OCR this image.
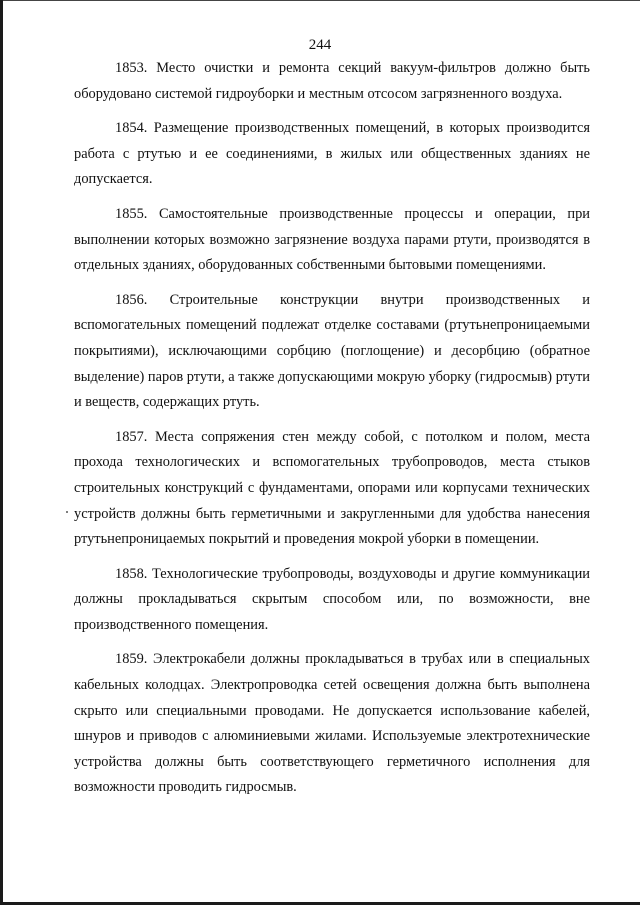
244

1853. Место очистки и ремонта секций вакуум-фильтров должно быть оборудовано системой гидроуборки и местным отсосом загрязненного воздуха.

1854. Размещение производственных помещений, в которых производится работа с ртутью и ее соединениями, в жилых или общественных зданиях не допускается.

1855. Самостоятельные производственные процессы и операции, при выполнении которых возможно загрязнение воздуха парами ртути, производятся в отдельных зданиях, оборудованных собственными бытовыми помещениями.

1856. Строительные конструкции внутри производственных и вспомогательных помещений подлежат отделке составами (ртутьнепроницаемыми покрытиями), исключающими сорбцию (поглощение) и десорбцию (обратное выделение) паров ртути, а также допускающими мокрую уборку (гидросмыв) ртути и веществ, содержащих ртуть.

1857. Места сопряжения стен между собой, с потолком и полом, места прохода технологических и вспомогательных трубопроводов, места стыков строительных конструкций с фундаментами, опорами или корпусами технических устройств должны быть герметичными и закругленными для удобства нанесения ртутьнепроницаемых покрытий и проведения мокрой уборки в помещении.

1858. Технологические трубопроводы, воздуховоды и другие коммуникации должны прокладываться скрытым способом или, по возможности, вне производственного помещения.

1859. Электрокабели должны прокладываться в трубах или в специальных кабельных колодцах. Электропроводка сетей освещения должна быть выполнена скрыто или специальными проводами. Не допускается использование кабелей, шнуров и приводов с алюминиевыми жилами. Используемые электротехнические устройства должны быть соответствующего герметичного исполнения для возможности проводить гидросмыв.
